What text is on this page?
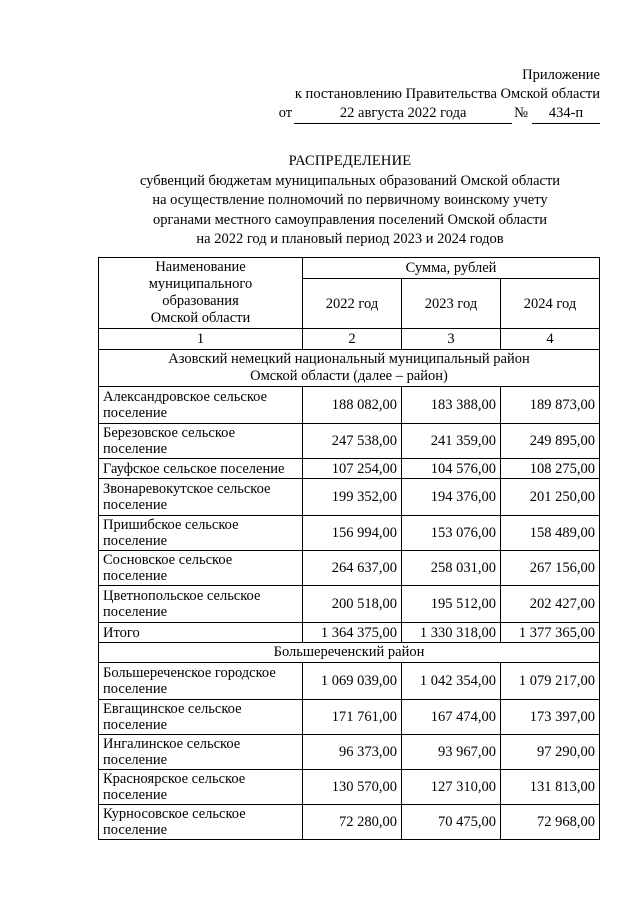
Приложение
к постановлению Правительства Омской области
от	22 августа 2022 года	№ 434-п
РАСПРЕДЕЛЕНИЕ
субвенций бюджетам муниципальных образований Омской области
на осуществление полномочий по первичному воинскому учету
органами местного самоуправления поселений Омской области
на 2022 год и плановый период 2023 и 2024 годов
Наименование
муниципального
образования
Омской области	Сумма, рублей		
	2022 год	2023 год	2024 год
1	2	3	4

Азовский немецкий национальный муниципальный район
Омской области (далее – район)			

Александровское сельское поселение	188 082,00	183 388,00	189 873,00
Березовское сельское поселение	247 538,00	241 359,00	249 895,00
Гауфское сельское поселение	107 254,00	104 576,00	108 275,00
Звонаревокутское сельское поселение	199 352,00	194 376,00	201 250,00
Пришибское сельское поселение	156 994,00	153 076,00	158 489,00
Сосновское сельское поселение	264 637,00	258 031,00	267 156,00
Цветнопольское сельское поселение	200 518,00	195 512,00	202 427,00
Итого	1 364 375,00	1 330 318,00	1 377 365,00

Большереченский район			

Большереченское городское поселение	1 069 039,00	1 042 354,00	1 079 217,00
Евгащинское сельское поселение	171 761,00	167 474,00	173 397,00
Ингалинское сельское поселение	96 373,00	93 967,00	97 290,00
Красноярское сельское поселение	130 570,00	127 310,00	131 813,00
Курносовское сельское поселение	72 280,00	70 475,00	72 968,00
